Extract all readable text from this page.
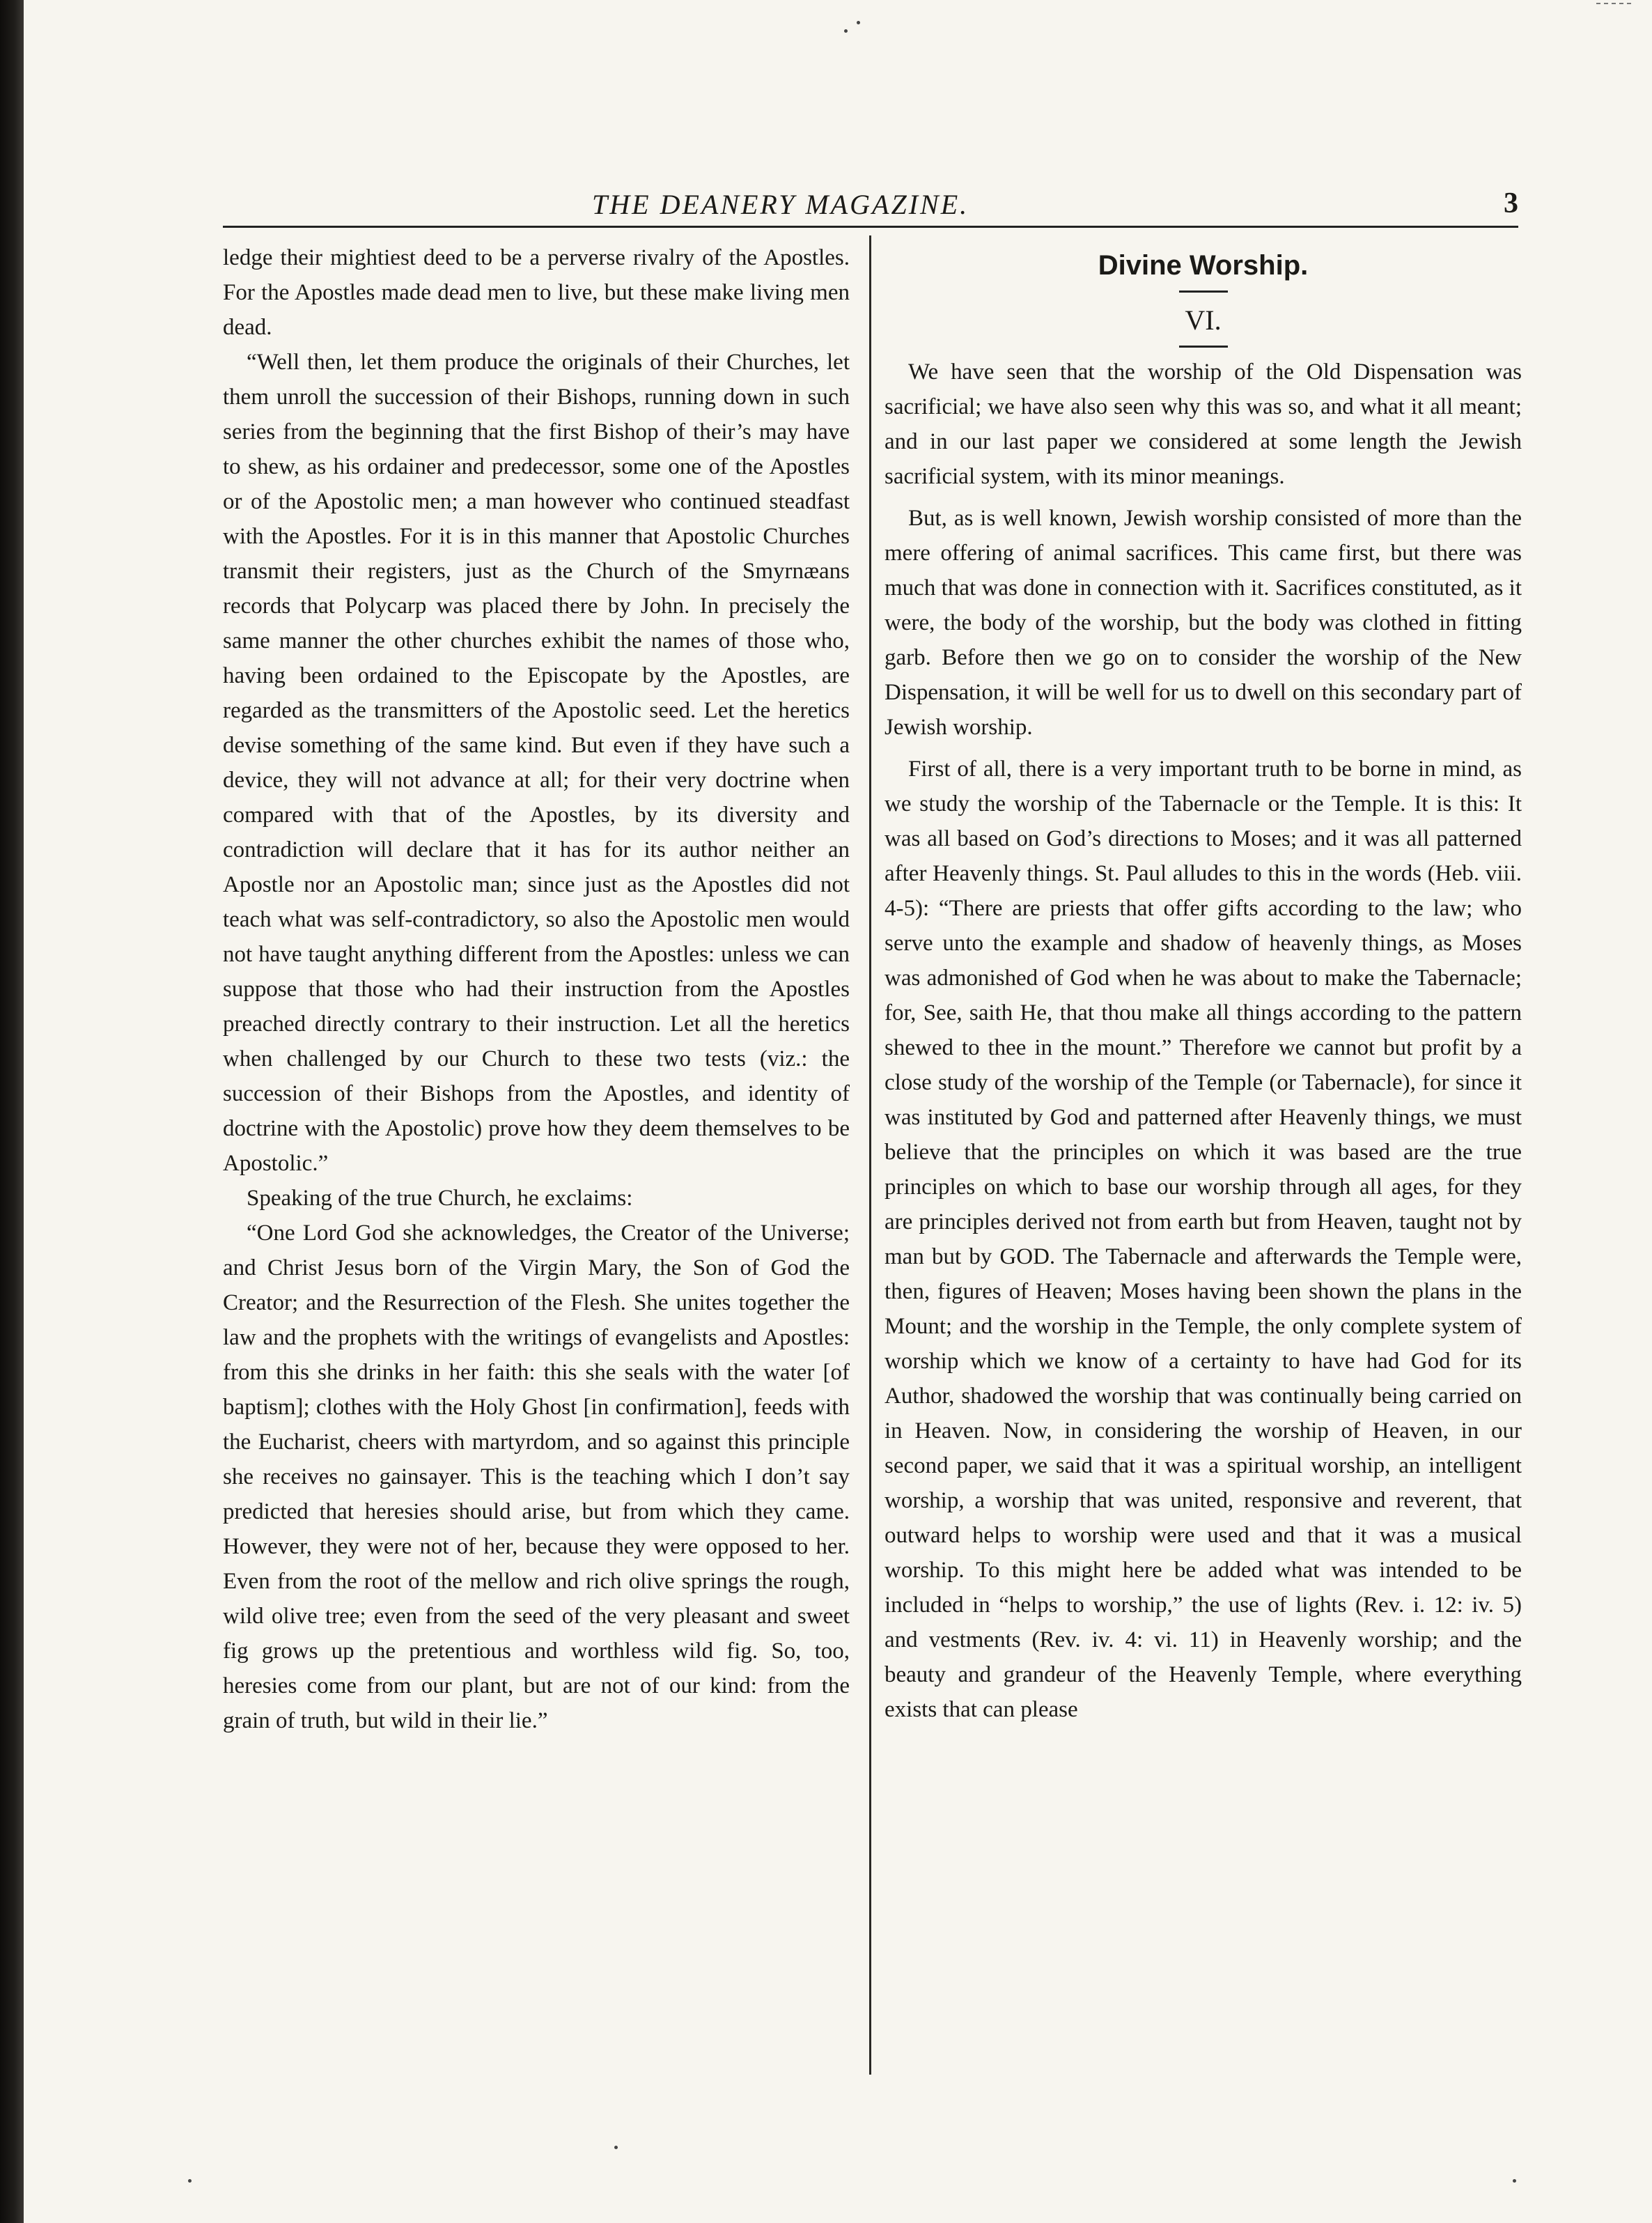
THE DEANERY MAGAZINE.	3

ledge their mightiest deed to be a perverse rivalry of the Apostles. For the Apostles made dead men to live, but these make living men dead.

“Well then, let them produce the originals of their Churches, let them unroll the succession of their Bishops, running down in such series from the beginning that the first Bishop of their’s may have to shew, as his ordainer and predecessor, some one of the Apostles or of the Apostolic men; a man however who continued steadfast with the Apostles. For it is in this manner that Apostolic Churches transmit their registers, just as the Church of the Smyrnæans records that Polycarp was placed there by John. In precisely the same manner the other churches exhibit the names of those who, having been ordained to the Episcopate by the Apostles, are regarded as the transmitters of the Apostolic seed. Let the heretics devise something of the same kind. But even if they have such a device, they will not advance at all; for their very doctrine when compared with that of the Apostles, by its diversity and contradiction will declare that it has for its author neither an Apostle nor an Apostolic man; since just as the Apostles did not teach what was self-contradictory, so also the Apostolic men would not have taught anything different from the Apostles: unless we can suppose that those who had their instruction from the Apostles preached directly contrary to their instruction. Let all the heretics when challenged by our Church to these two tests (viz.: the succession of their Bishops from the Apostles, and identity of doctrine with the Apostolic) prove how they deem themselves to be Apostolic.”

Speaking of the true Church, he exclaims:

“One Lord God she acknowledges, the Creator of the Universe; and Christ Jesus born of the Virgin Mary, the Son of God the Creator; and the Resurrection of the Flesh. She unites together the law and the prophets with the writings of evangelists and Apostles: from this she drinks in her faith: this she seals with the water [of baptism]; clothes with the Holy Ghost [in confirmation], feeds with the Eucharist, cheers with martyrdom, and so against this principle she receives no gainsayer. This is the teaching which I don’t say predicted that heresies should arise, but from which they came. However, they were not of her, because they were opposed to her. Even from the root of the mellow and rich olive springs the rough, wild olive tree; even from the seed of the very pleasant and sweet fig grows up the pretentious and worthless wild fig. So, too, heresies come from our plant, but are not of our kind: from the grain of truth, but wild in their lie.”

Divine Worship.
VI.

We have seen that the worship of the Old Dispensation was sacrificial; we have also seen why this was so, and what it all meant; and in our last paper we considered at some length the Jewish sacrificial system, with its minor meanings.

But, as is well known, Jewish worship consisted of more than the mere offering of animal sacrifices. This came first, but there was much that was done in connection with it. Sacrifices constituted, as it were, the body of the worship, but the body was clothed in fitting garb. Before then we go on to consider the worship of the New Dispensation, it will be well for us to dwell on this secondary part of Jewish worship.

First of all, there is a very important truth to be borne in mind, as we study the worship of the Tabernacle or the Temple. It is this: It was all based on God’s directions to Moses; and it was all patterned after Heavenly things. St. Paul alludes to this in the words (Heb. viii. 4-5): “There are priests that offer gifts according to the law; who serve unto the example and shadow of heavenly things, as Moses was admonished of God when he was about to make the Tabernacle; for, See, saith He, that thou make all things according to the pattern shewed to thee in the mount.” Therefore we cannot but profit by a close study of the worship of the Temple (or Tabernacle), for since it was instituted by God and patterned after Heavenly things, we must believe that the principles on which it was based are the true principles on which to base our worship through all ages, for they are principles derived not from earth but from Heaven, taught not by man but by GOD. The Tabernacle and afterwards the Temple were, then, figures of Heaven; Moses having been shown the plans in the Mount; and the worship in the Temple, the only complete system of worship which we know of a certainty to have had God for its Author, shadowed the worship that was continually being carried on in Heaven. Now, in considering the worship of Heaven, in our second paper, we said that it was a spiritual worship, an intelligent worship, a worship that was united, responsive and reverent, that outward helps to worship were used and that it was a musical worship. To this might here be added what was intended to be included in “helps to worship,” the use of lights (Rev. i. 12: iv. 5) and vestments (Rev. iv. 4: vi. 11) in Heavenly worship; and the beauty and grandeur of the Heavenly Temple, where everything exists that can please
